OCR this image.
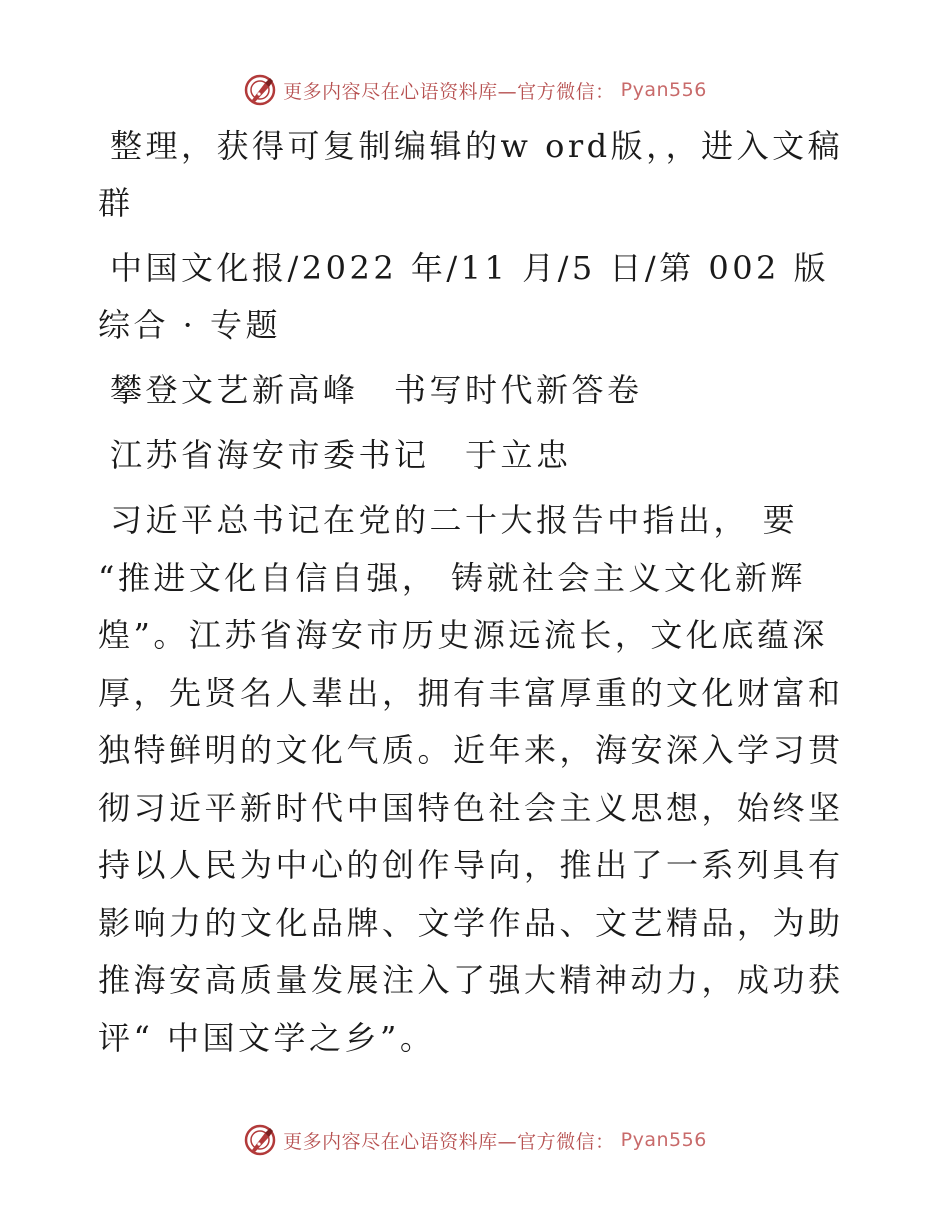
更多内容尽在心语资料库—官方微信： Pyan556

整理，获得可复制编辑的w ord版，，进入文稿群

中国文化报/2022 年/11 月/5 日/第 002 版综合 · 专题

攀登文艺新高峰　书写时代新答卷

江苏省海安市委书记　于立忠

习近平总书记在党的二十大报告中指出， 要 “推进文化自信自强， 铸就社会主义文化新辉煌”。江苏省海安市历史源远流长，文化底蕴深厚，先贤名人辈出，拥有丰富厚重的文化财富和独特鲜明的文化气质。近年来，海安深入学习贯彻习近平新时代中国特色社会主义思想，始终坚持以人民为中心的创作导向，推出了一系列具有影响力的文化品牌、文学作品、文艺精品，为助推海安高质量发展注入了强大精神动力，成功获评“ 中国文学之乡”。

更多内容尽在心语资料库—官方微信： Pyan556
